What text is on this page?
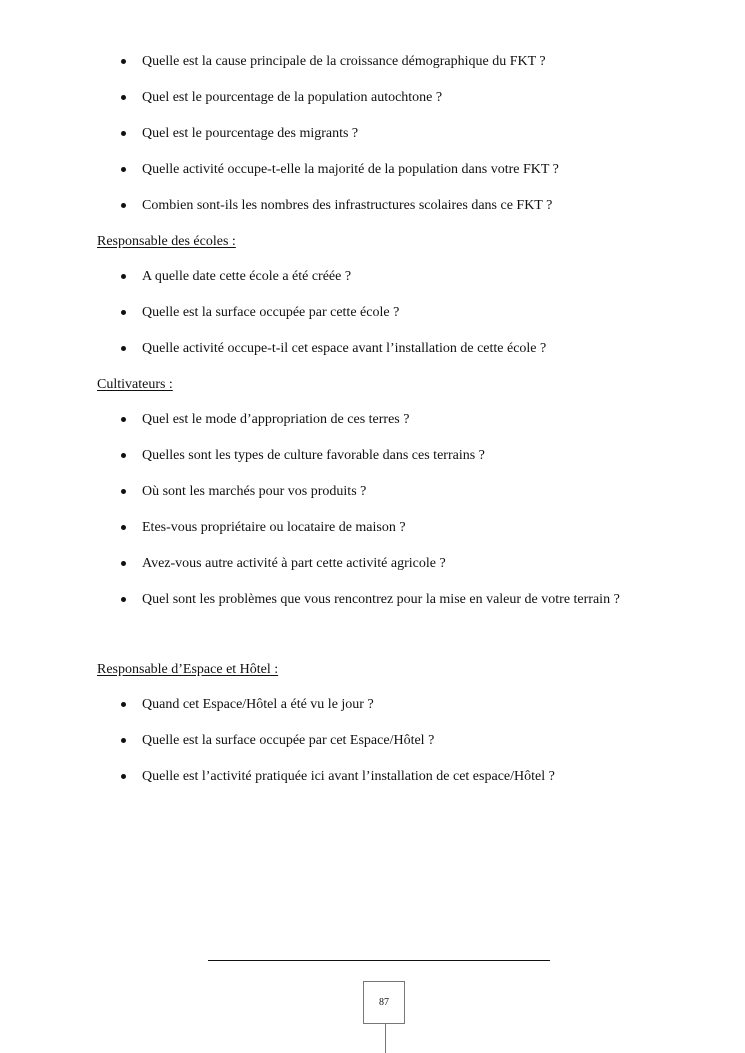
Quelle est la cause principale de la croissance démographique du FKT ?
Quel est le pourcentage de la population autochtone ?
Quel est le pourcentage des migrants ?
Quelle activité occupe-t-elle la majorité de la population dans votre FKT ?
Combien sont-ils les nombres des infrastructures scolaires dans ce FKT ?
Responsable des écoles :
A quelle date cette école a été créée ?
Quelle est la surface occupée par cette école ?
Quelle activité occupe-t-il cet espace avant l’installation de cette école ?
Cultivateurs :
Quel est le mode d’appropriation de ces terres ?
Quelles sont les types de culture favorable dans ces terrains ?
Où sont les marchés pour vos produits ?
Etes-vous propriétaire ou locataire de maison ?
Avez-vous autre activité à part cette activité agricole ?
Quel sont les problèmes que vous rencontrez pour la mise en valeur de votre terrain ?
Responsable d’Espace et Hôtel :
Quand cet Espace/Hôtel a été vu le jour ?
Quelle est la surface occupée par cet Espace/Hôtel ?
Quelle est l’activité pratiquée ici avant l’installation de cet espace/Hôtel ?
87
